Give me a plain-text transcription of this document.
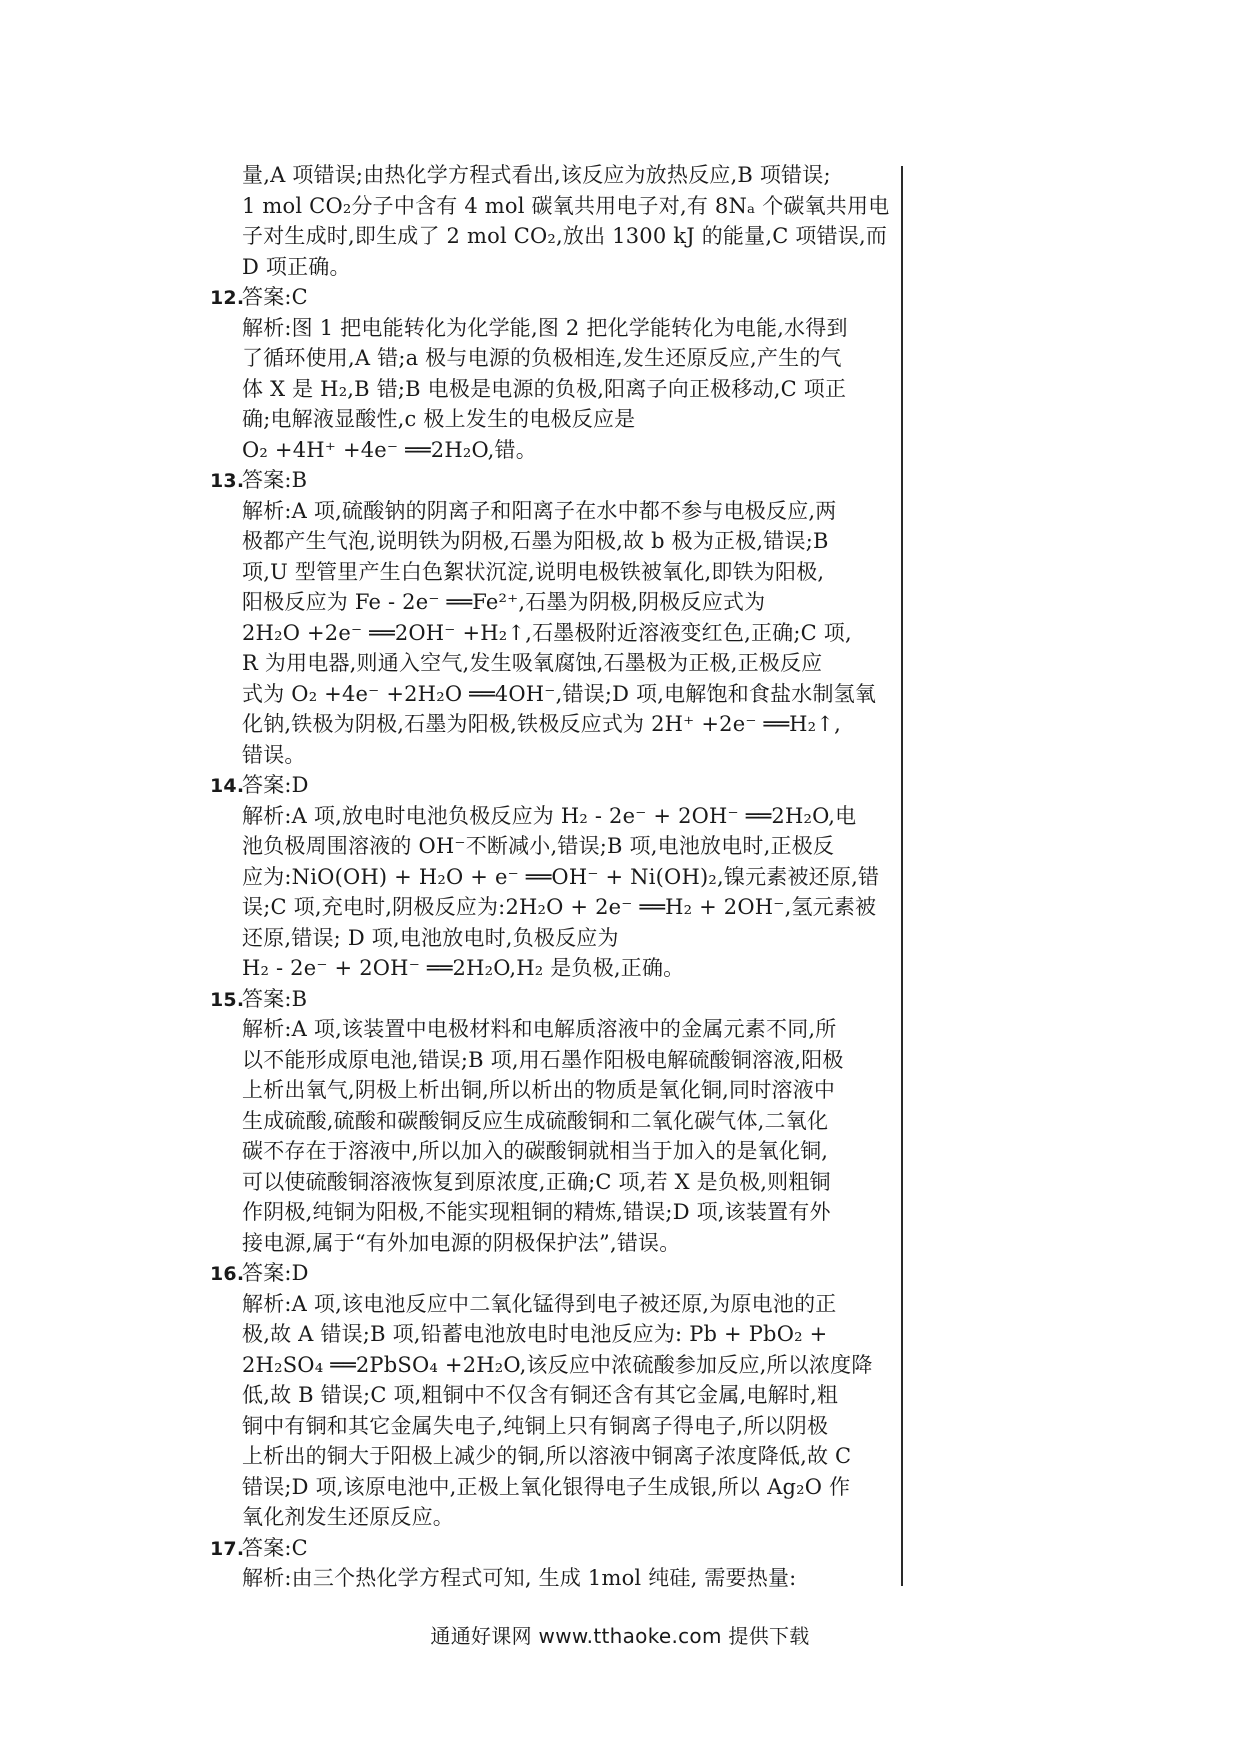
量,A 项错误;由热化学方程式看出,该反应为放热反应,B 项错误;
1 mol CO₂分子中含有 4 mol 碳氧共用电子对,有 8Nₐ 个碳氧共用电
子对生成时,即生成了 2 mol CO₂,放出 1300 kJ 的能量,C 项错误,而
D 项正确。
12.答案:C
解析:图 1 把电能转化为化学能,图 2 把化学能转化为电能,水得到
了循环使用,A 错;a 极与电源的负极相连,发生还原反应,产生的气
体 X 是 H₂,B 错;B 电极是电源的负极,阳离子向正极移动,C 项正
确;电解液显酸性,c 极上发生的电极反应是
O₂ +4H⁺ +4e⁻ ══2H₂O,错。
13.答案:B
解析:A 项,硫酸钠的阴离子和阳离子在水中都不参与电极反应,两
极都产生气泡,说明铁为阴极,石墨为阳极,故 b 极为正极,错误;B
项,U 型管里产生白色絮状沉淀,说明电极铁被氧化,即铁为阳极,
阳极反应为 Fe - 2e⁻ ══Fe²⁺,石墨为阴极,阴极反应式为
2H₂O +2e⁻ ══2OH⁻ +H₂↑,石墨极附近溶液变红色,正确;C 项,
R 为用电器,则通入空气,发生吸氧腐蚀,石墨极为正极,正极反应
式为 O₂ +4e⁻ +2H₂O ══4OH⁻,错误;D 项,电解饱和食盐水制氢氧
化钠,铁极为阴极,石墨为阳极,铁极反应式为 2H⁺ +2e⁻ ══H₂↑,
错误。
14.答案:D
解析:A 项,放电时电池负极反应为 H₂ - 2e⁻ + 2OH⁻ ══2H₂O,电
池负极周围溶液的 OH⁻不断减小,错误;B 项,电池放电时,正极反
应为:NiO(OH) + H₂O + e⁻ ══OH⁻ + Ni(OH)₂,镍元素被还原,错
误;C 项,充电时,阴极反应为:2H₂O + 2e⁻ ══H₂ + 2OH⁻,氢元素被
还原,错误; D 项,电池放电时,负极反应为
H₂ - 2e⁻ + 2OH⁻ ══2H₂O,H₂ 是负极,正确。
15.答案:B
解析:A 项,该装置中电极材料和电解质溶液中的金属元素不同,所
以不能形成原电池,错误;B 项,用石墨作阳极电解硫酸铜溶液,阳极
上析出氧气,阴极上析出铜,所以析出的物质是氧化铜,同时溶液中
生成硫酸,硫酸和碳酸铜反应生成硫酸铜和二氧化碳气体,二氧化
碳不存在于溶液中,所以加入的碳酸铜就相当于加入的是氧化铜,
可以使硫酸铜溶液恢复到原浓度,正确;C 项,若 X 是负极,则粗铜
作阴极,纯铜为阳极,不能实现粗铜的精炼,错误;D 项,该装置有外
接电源,属于“有外加电源的阴极保护法”,错误。
16.答案:D
解析:A 项,该电池反应中二氧化锰得到电子被还原,为原电池的正
极,故 A 错误;B 项,铅蓄电池放电时电池反应为: Pb + PbO₂ +
2H₂SO₄ ══2PbSO₄ +2H₂O,该反应中浓硫酸参加反应,所以浓度降
低,故 B 错误;C 项,粗铜中不仅含有铜还含有其它金属,电解时,粗
铜中有铜和其它金属失电子,纯铜上只有铜离子得电子,所以阴极
上析出的铜大于阳极上减少的铜,所以溶液中铜离子浓度降低,故 C
错误;D 项,该原电池中,正极上氧化银得电子生成银,所以 Ag₂O 作
氧化剂发生还原反应。
17.答案:C
解析:由三个热化学方程式可知, 生成 1mol 纯硅, 需要热量:
通通好课网 www.tthaoke.com 提供下载
